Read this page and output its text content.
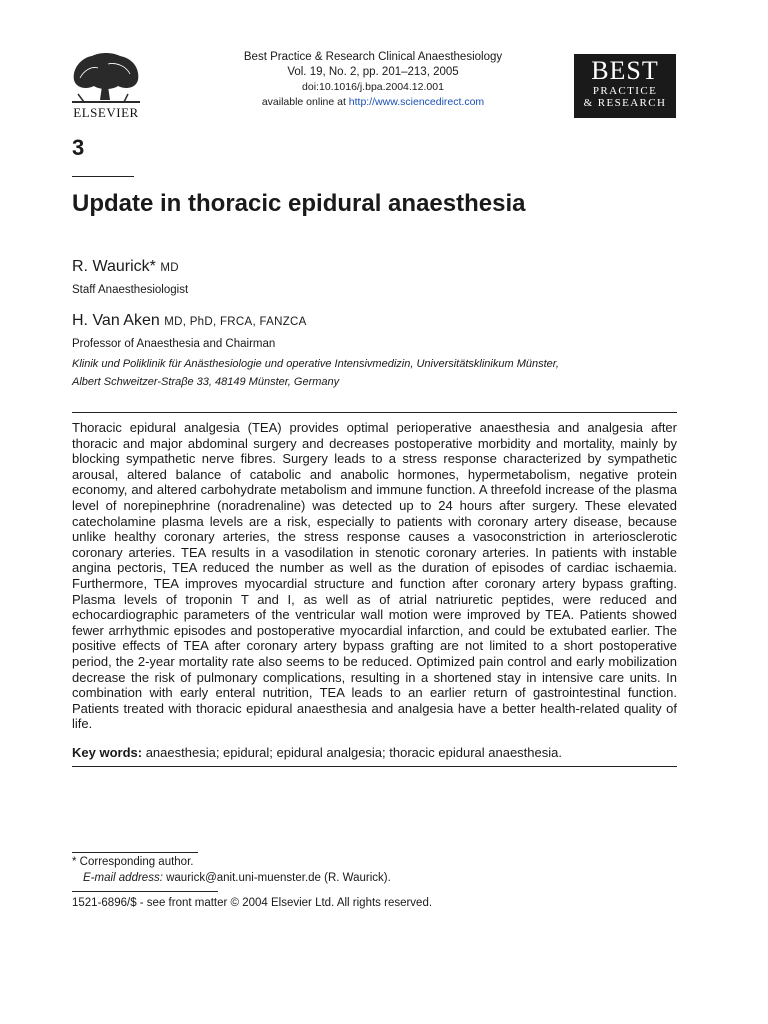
ELSEVIER
Best Practice & Research Clinical Anaesthesiology
Vol. 19, No. 2, pp. 201–213, 2005
doi:10.1016/j.bpa.2004.12.001
available online at http://www.sciencedirect.com
BEST
PRACTICE
& RESEARCH
3
Update in thoracic epidural anaesthesia
R. Waurick* MD
Staff Anaesthesiologist
H. Van Aken MD, PhD, FRCA, FANZCA
Professor of Anaesthesia and Chairman
Klinik und Poliklinik für Anästhesiologie und operative Intensivmedizin, Universitätsklinikum Münster,
Albert Schweitzer-Straβe 33, 48149 Münster, Germany

Thoracic epidural analgesia (TEA) provides optimal perioperative anaesthesia and analgesia after thoracic and major abdominal surgery and decreases postoperative morbidity and mortality, mainly by blocking sympathetic nerve fibres. Surgery leads to a stress response characterized by sympathetic arousal, altered balance of catabolic and anabolic hormones, hypermetabolism, negative protein economy, and altered carbohydrate metabolism and immune function. A threefold increase of the plasma level of norepinephrine (noradrenaline) was detected up to 24 hours after surgery. These elevated catecholamine plasma levels are a risk, especially to patients with coronary artery disease, because unlike healthy coronary arteries, the stress response causes a vasoconstriction in arteriosclerotic coronary arteries. TEA results in a vasodilation in stenotic coronary arteries. In patients with instable angina pectoris, TEA reduced the number as well as the duration of episodes of cardiac ischaemia. Furthermore, TEA improves myocardial structure and function after coronary artery bypass grafting. Plasma levels of troponin T and I, as well as of atrial natriuretic peptides, were reduced and echocardiographic parameters of the ventricular wall motion were improved by TEA. Patients showed fewer arrhythmic episodes and postoperative myocardial infarction, and could be extubated earlier. The positive effects of TEA after coronary artery bypass grafting are not limited to a short postoperative period, the 2-year mortality rate also seems to be reduced. Optimized pain control and early mobilization decrease the risk of pulmonary complications, resulting in a shortened stay in intensive care units. In combination with early enteral nutrition, TEA leads to an earlier return of gastrointestinal function. Patients treated with thoracic epidural anaesthesia and analgesia have a better health-related quality of life.

Key words: anaesthesia; epidural; epidural analgesia; thoracic epidural anaesthesia.
* Corresponding author.
E-mail address: waurick@anit.uni-muenster.de (R. Waurick).
1521-6896/$ - see front matter © 2004 Elsevier Ltd. All rights reserved.
